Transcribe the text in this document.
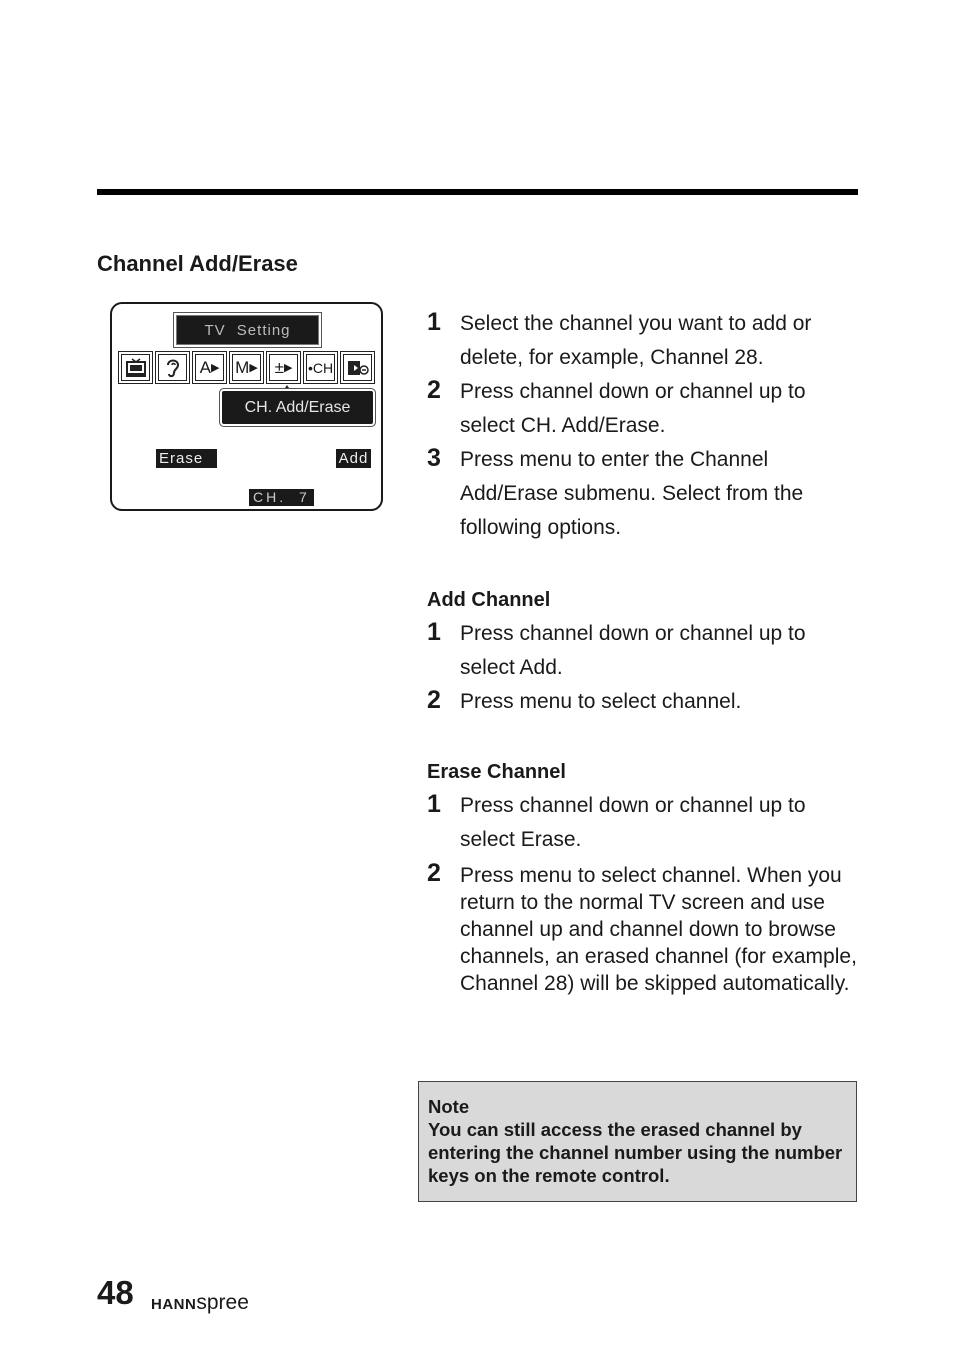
Channel Add/Erase
TV Setting
A ▶ M ▶ ± ▶ •CH
CH. Add/Erase
Erase	Add
CH. 7
1 Select the channel you want to add or delete, for example, Channel 28.
2 Press channel down or channel up to select CH. Add/Erase.
3 Press menu to enter the Channel Add/Erase submenu. Select from the following options.
Add Channel
1 Press channel down or channel up to select Add.
2 Press menu to select channel.
Erase Channel
1 Press channel down or channel up to select Erase.
2 Press menu to select channel. When you return to the normal TV screen and use channel up and channel down to browse channels, an erased channel (for example, Channel 28) will be skipped automatically.
Note
You can still access the erased channel by entering the channel number using the number keys on the remote control.
48 HANNspree
